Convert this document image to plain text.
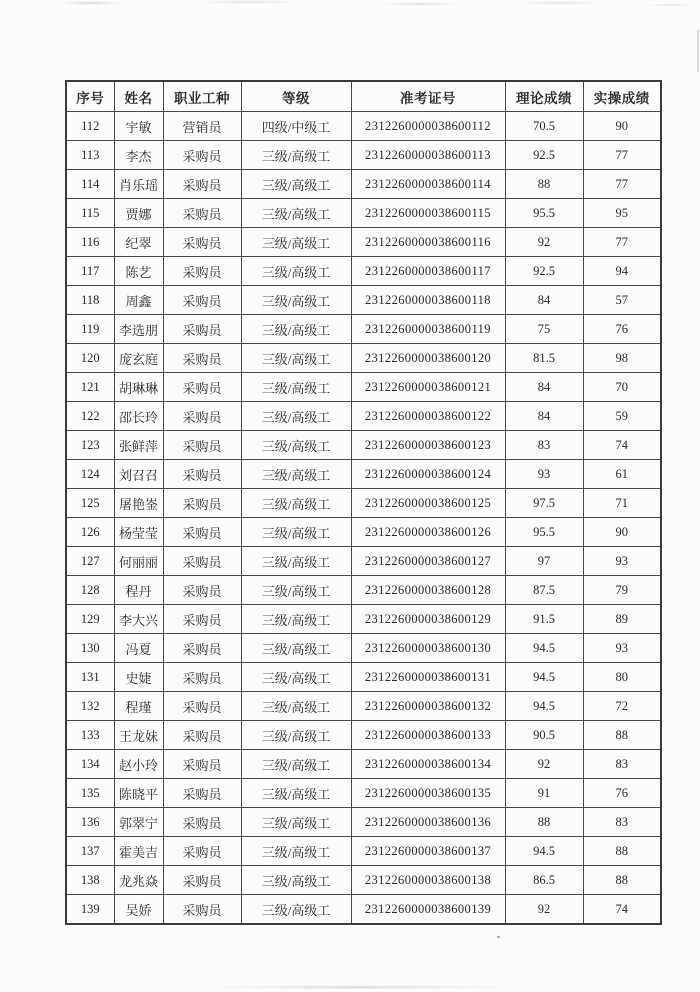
序号	姓名	职业工种	等级	准考证号	理论成绩	实操成绩
112	宇敏	营销员	四级/中级工	2312260000038600112	70.5	90
113	李杰	采购员	三级/高级工	2312260000038600113	92.5	77
114	肖乐瑶	采购员	三级/高级工	2312260000038600114	88	77
115	贾娜	采购员	三级/高级工	2312260000038600115	95.5	95
116	纪翠	采购员	三级/高级工	2312260000038600116	92	77
117	陈艺	采购员	三级/高级工	2312260000038600117	92.5	94
118	周鑫	采购员	三级/高级工	2312260000038600118	84	57
119	李选朋	采购员	三级/高级工	2312260000038600119	75	76
120	庞玄庭	采购员	三级/高级工	2312260000038600120	81.5	98
121	胡琳琳	采购员	三级/高级工	2312260000038600121	84	70
122	邵长玲	采购员	三级/高级工	2312260000038600122	84	59
123	张鲜萍	采购员	三级/高级工	2312260000038600123	83	74
124	刘召召	采购员	三级/高级工	2312260000038600124	93	61
125	屠艳崟	采购员	三级/高级工	2312260000038600125	97.5	71
126	杨莹莹	采购员	三级/高级工	2312260000038600126	95.5	90
127	何丽丽	采购员	三级/高级工	2312260000038600127	97	93
128	程丹	采购员	三级/高级工	2312260000038600128	87.5	79
129	李大兴	采购员	三级/高级工	2312260000038600129	91.5	89
130	冯夏	采购员	三级/高级工	2312260000038600130	94.5	93
131	史婕	采购员	三级/高级工	2312260000038600131	94.5	80
132	程瑾	采购员	三级/高级工	2312260000038600132	94.5	72
133	王龙妹	采购员	三级/高级工	2312260000038600133	90.5	88
134	赵小玲	采购员	三级/高级工	2312260000038600134	92	83
135	陈晓平	采购员	三级/高级工	2312260000038600135	91	76
136	郭翠宁	采购员	三级/高级工	2312260000038600136	88	83
137	霍美吉	采购员	三级/高级工	2312260000038600137	94.5	88
138	龙兆焱	采购员	三级/高级工	2312260000038600138	86.5	88
139	吴娇	采购员	三级/高级工	2312260000038600139	92	74
